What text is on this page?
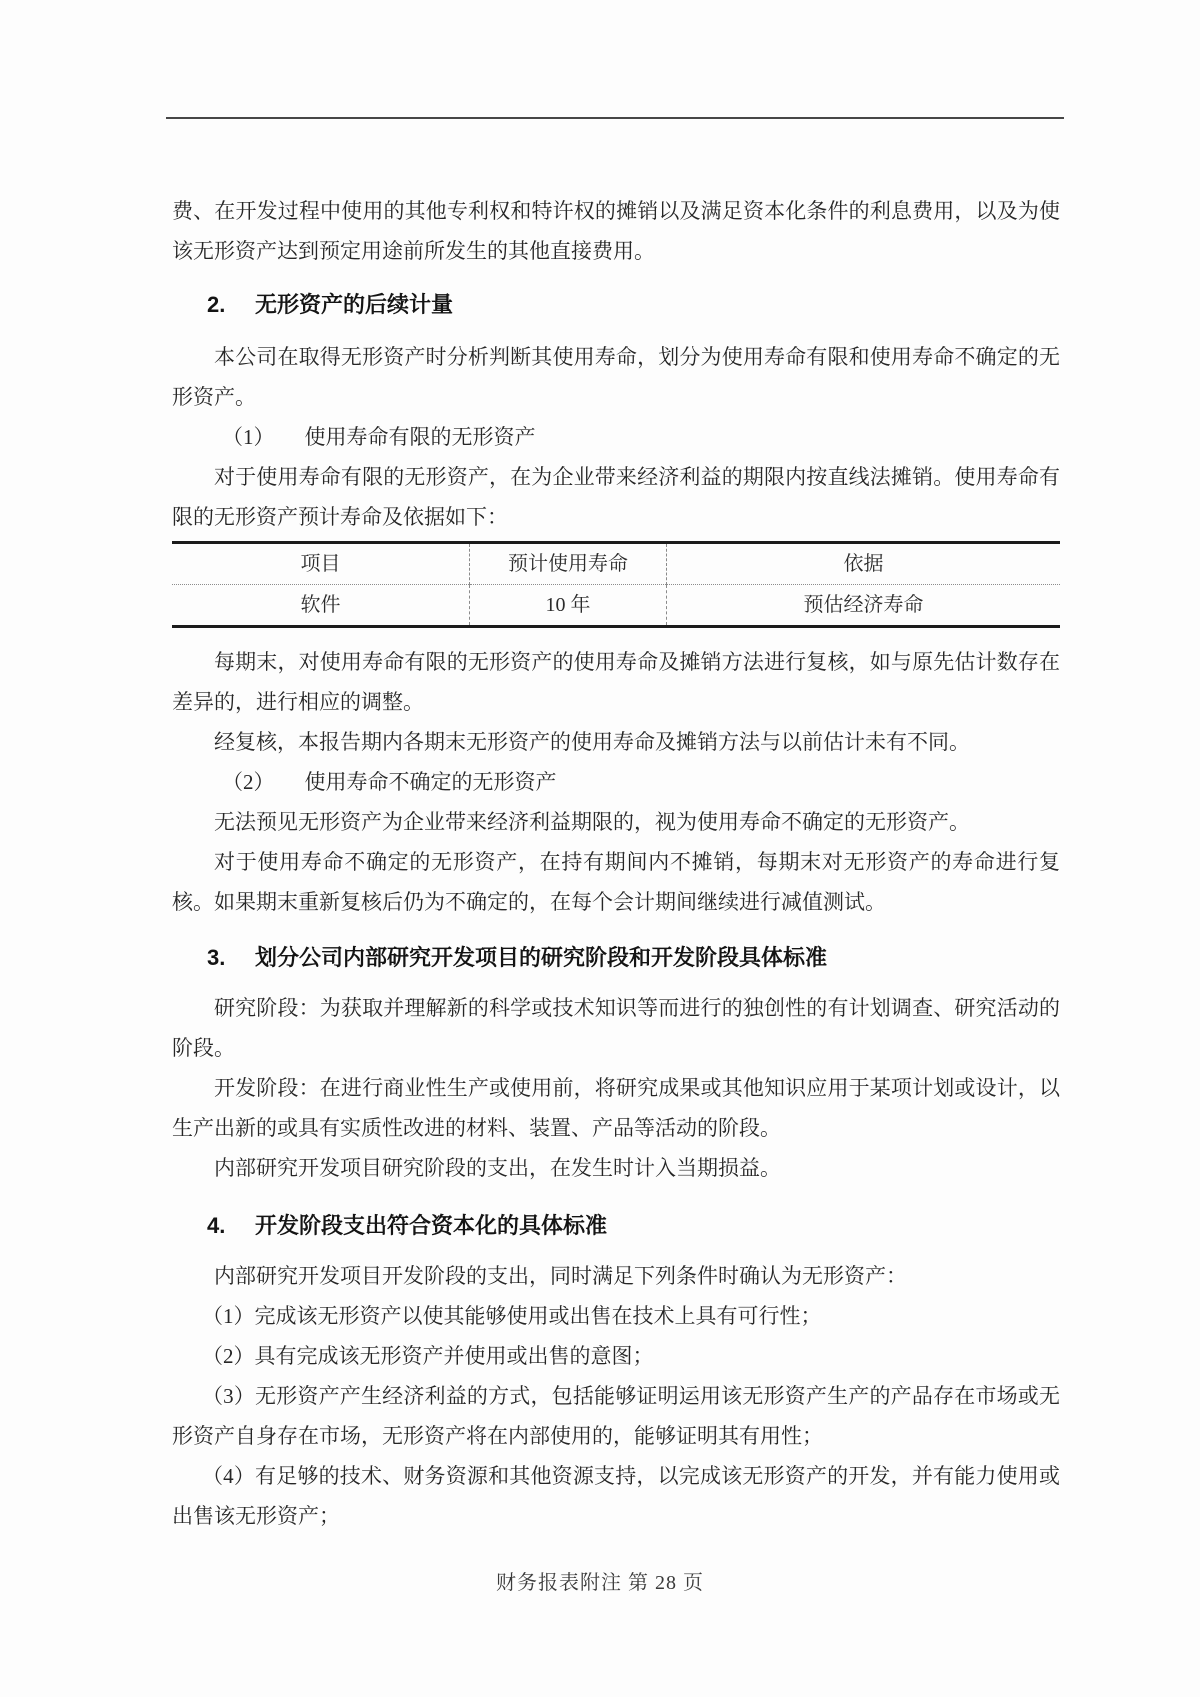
费、在开发过程中使用的其他专利权和特许权的摊销以及满足资本化条件的利息费用，以及为使该无形资产达到预定用途前所发生的其他直接费用。

2. 无形资产的后续计量

本公司在取得无形资产时分析判断其使用寿命，划分为使用寿命有限和使用寿命不确定的无形资产。

（1） 使用寿命有限的无形资产

对于使用寿命有限的无形资产，在为企业带来经济利益的期限内按直线法摊销。使用寿命有限的无形资产预计寿命及依据如下：

项目	预计使用寿命	依据
软件	10 年	预估经济寿命

每期末，对使用寿命有限的无形资产的使用寿命及摊销方法进行复核，如与原先估计数存在差异的，进行相应的调整。

经复核，本报告期内各期末无形资产的使用寿命及摊销方法与以前估计未有不同。

（2） 使用寿命不确定的无形资产

无法预见无形资产为企业带来经济利益期限的，视为使用寿命不确定的无形资产。

对于使用寿命不确定的无形资产，在持有期间内不摊销，每期末对无形资产的寿命进行复核。如果期末重新复核后仍为不确定的，在每个会计期间继续进行减值测试。

3. 划分公司内部研究开发项目的研究阶段和开发阶段具体标准

研究阶段：为获取并理解新的科学或技术知识等而进行的独创性的有计划调查、研究活动的阶段。

开发阶段：在进行商业性生产或使用前，将研究成果或其他知识应用于某项计划或设计，以生产出新的或具有实质性改进的材料、装置、产品等活动的阶段。

内部研究开发项目研究阶段的支出，在发生时计入当期损益。

4. 开发阶段支出符合资本化的具体标准

内部研究开发项目开发阶段的支出，同时满足下列条件时确认为无形资产：

（1）完成该无形资产以使其能够使用或出售在技术上具有可行性；

（2）具有完成该无形资产并使用或出售的意图；

（3）无形资产产生经济利益的方式，包括能够证明运用该无形资产生产的产品存在市场或无形资产自身存在市场，无形资产将在内部使用的，能够证明其有用性；

（4）有足够的技术、财务资源和其他资源支持，以完成该无形资产的开发，并有能力使用或出售该无形资产；

财务报表附注 第 28 页
